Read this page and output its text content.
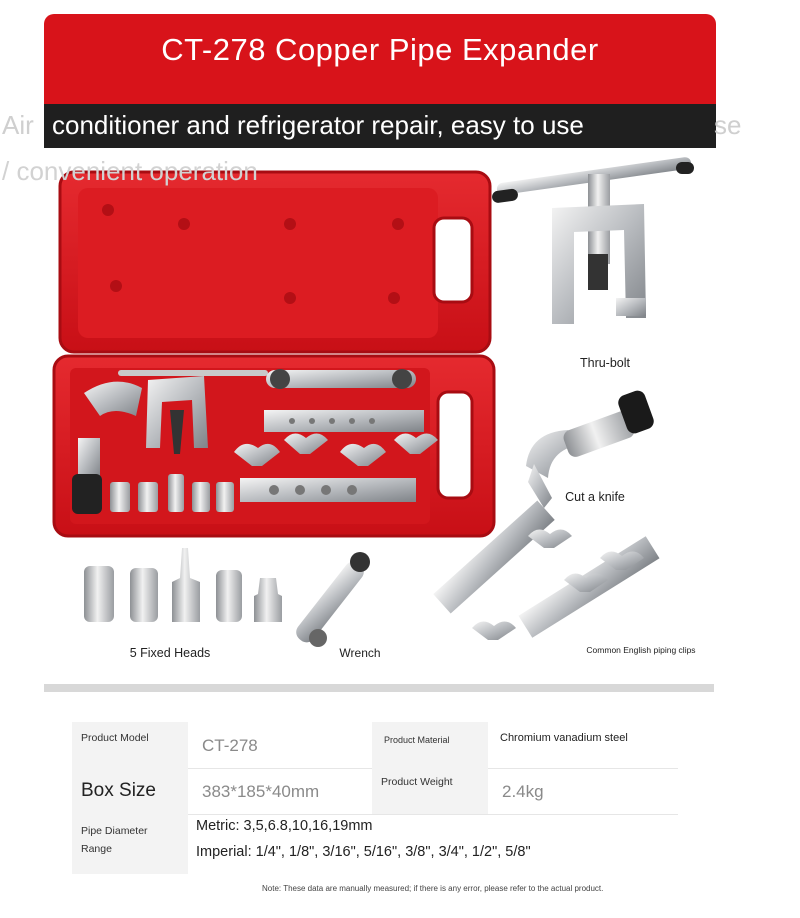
CT-278 Copper Pipe Expander
Air conditioner and refrigerator repair, easy to use	se
/ convenient operation
Thru-bolt
Cut a knife
5 Fixed Heads	Wrench	Common English piping clips
Product Model	CT-278	Product Material	Chromium vanadium steel
Box Size	383*185*40mm	Product Weight	2.4kg
Pipe Diameter Range
Metric: 3,5,6.8,10,16,19mm
Imperial: 1/4", 1/8", 3/16", 5/16", 3/8", 3/4", 1/2", 5/8"
Note: These data are manually measured; if there is any error, please refer to the actual product.
